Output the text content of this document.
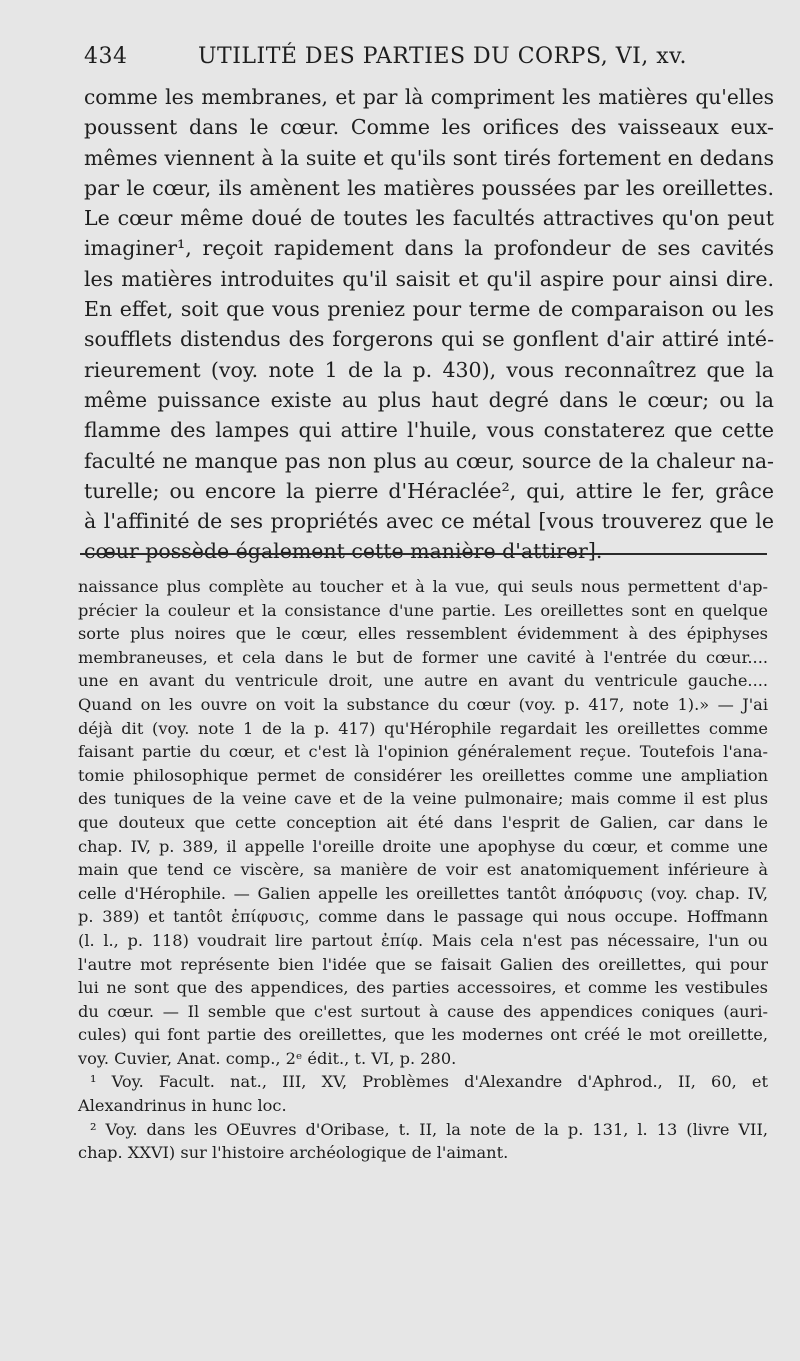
434	UTILITÉ DES PARTIES DU CORPS, VI, xv.
comme les membranes, et par là compriment les matières qu'elles
poussent dans le cœur. Comme les orifices des vaisseaux eux-
mêmes viennent à la suite et qu'ils sont tirés fortement en dedans
par le cœur, ils amènent les matières poussées par les oreillettes.
Le cœur même doué de toutes les facultés attractives qu'on peut
imaginer¹, reçoit rapidement dans la profondeur de ses cavités
les matières introduites qu'il saisit et qu'il aspire pour ainsi dire.
En effet, soit que vous preniez pour terme de comparaison ou les
soufflets distendus des forgerons qui se gonflent d'air attiré inté-
rieurement (voy. note 1 de la p. 430), vous reconnaîtrez que la
même puissance existe au plus haut degré dans le cœur; ou la
flamme des lampes qui attire l'huile, vous constaterez que cette
faculté ne manque pas non plus au cœur, source de la chaleur na-
turelle; ou encore la pierre d'Héraclée², qui, attire le fer, grâce
à l'affinité de ses propriétés avec ce métal [vous trouverez que le
cœur possède également cette manière d'attirer].
naissance plus complète au toucher et à la vue, qui seuls nous permettent d'ap-
précier la couleur et la consistance d'une partie. Les oreillettes sont en quelque
sorte plus noires que le cœur, elles ressemblent évidemment à des épiphyses
membraneuses, et cela dans le but de former une cavité à l'entrée du cœur....
une en avant du ventricule droit, une autre en avant du ventricule gauche....
Quand on les ouvre on voit la substance du cœur (voy. p. 417, note 1).» — J'ai
déjà dit (voy. note 1 de la p. 417) qu'Hérophile regardait les oreillettes comme
faisant partie du cœur, et c'est là l'opinion généralement reçue. Toutefois l'ana-
tomie philosophique permet de considérer les oreillettes comme une ampliation
des tuniques de la veine cave et de la veine pulmonaire; mais comme il est plus
que douteux que cette conception ait été dans l'esprit de Galien, car dans le
chap. IV, p. 389, il appelle l'oreille droite une apophyse du cœur, et comme une
main que tend ce viscère, sa manière de voir est anatomiquement inférieure à
celle d'Hérophile. — Galien appelle les oreillettes tantôt ἀπόφυσις (voy. chap. IV,
p. 389) et tantôt ἐπίφυσις, comme dans le passage qui nous occupe. Hoffmann
(l. l., p. 118) voudrait lire partout ἐπίφ. Mais cela n'est pas nécessaire, l'un ou
l'autre mot représente bien l'idée que se faisait Galien des oreillettes, qui pour
lui ne sont que des appendices, des parties accessoires, et comme les vestibules
du cœur. — Il semble que c'est surtout à cause des appendices coniques (auri-
cules) qui font partie des oreillettes, que les modernes ont créé le mot oreillette,
voy. Cuvier, Anat. comp., 2ᵉ édit., t. VI, p. 280.
¹ Voy. Facult. nat., III, XV, Problèmes d'Alexandre d'Aphrod., II, 60, et
Alexandrinus in hunc loc.
² Voy. dans les OEuvres d'Oribase, t. II, la note de la p. 131, l. 13 (livre VII,
chap. XXVI) sur l'histoire archéologique de l'aimant.
